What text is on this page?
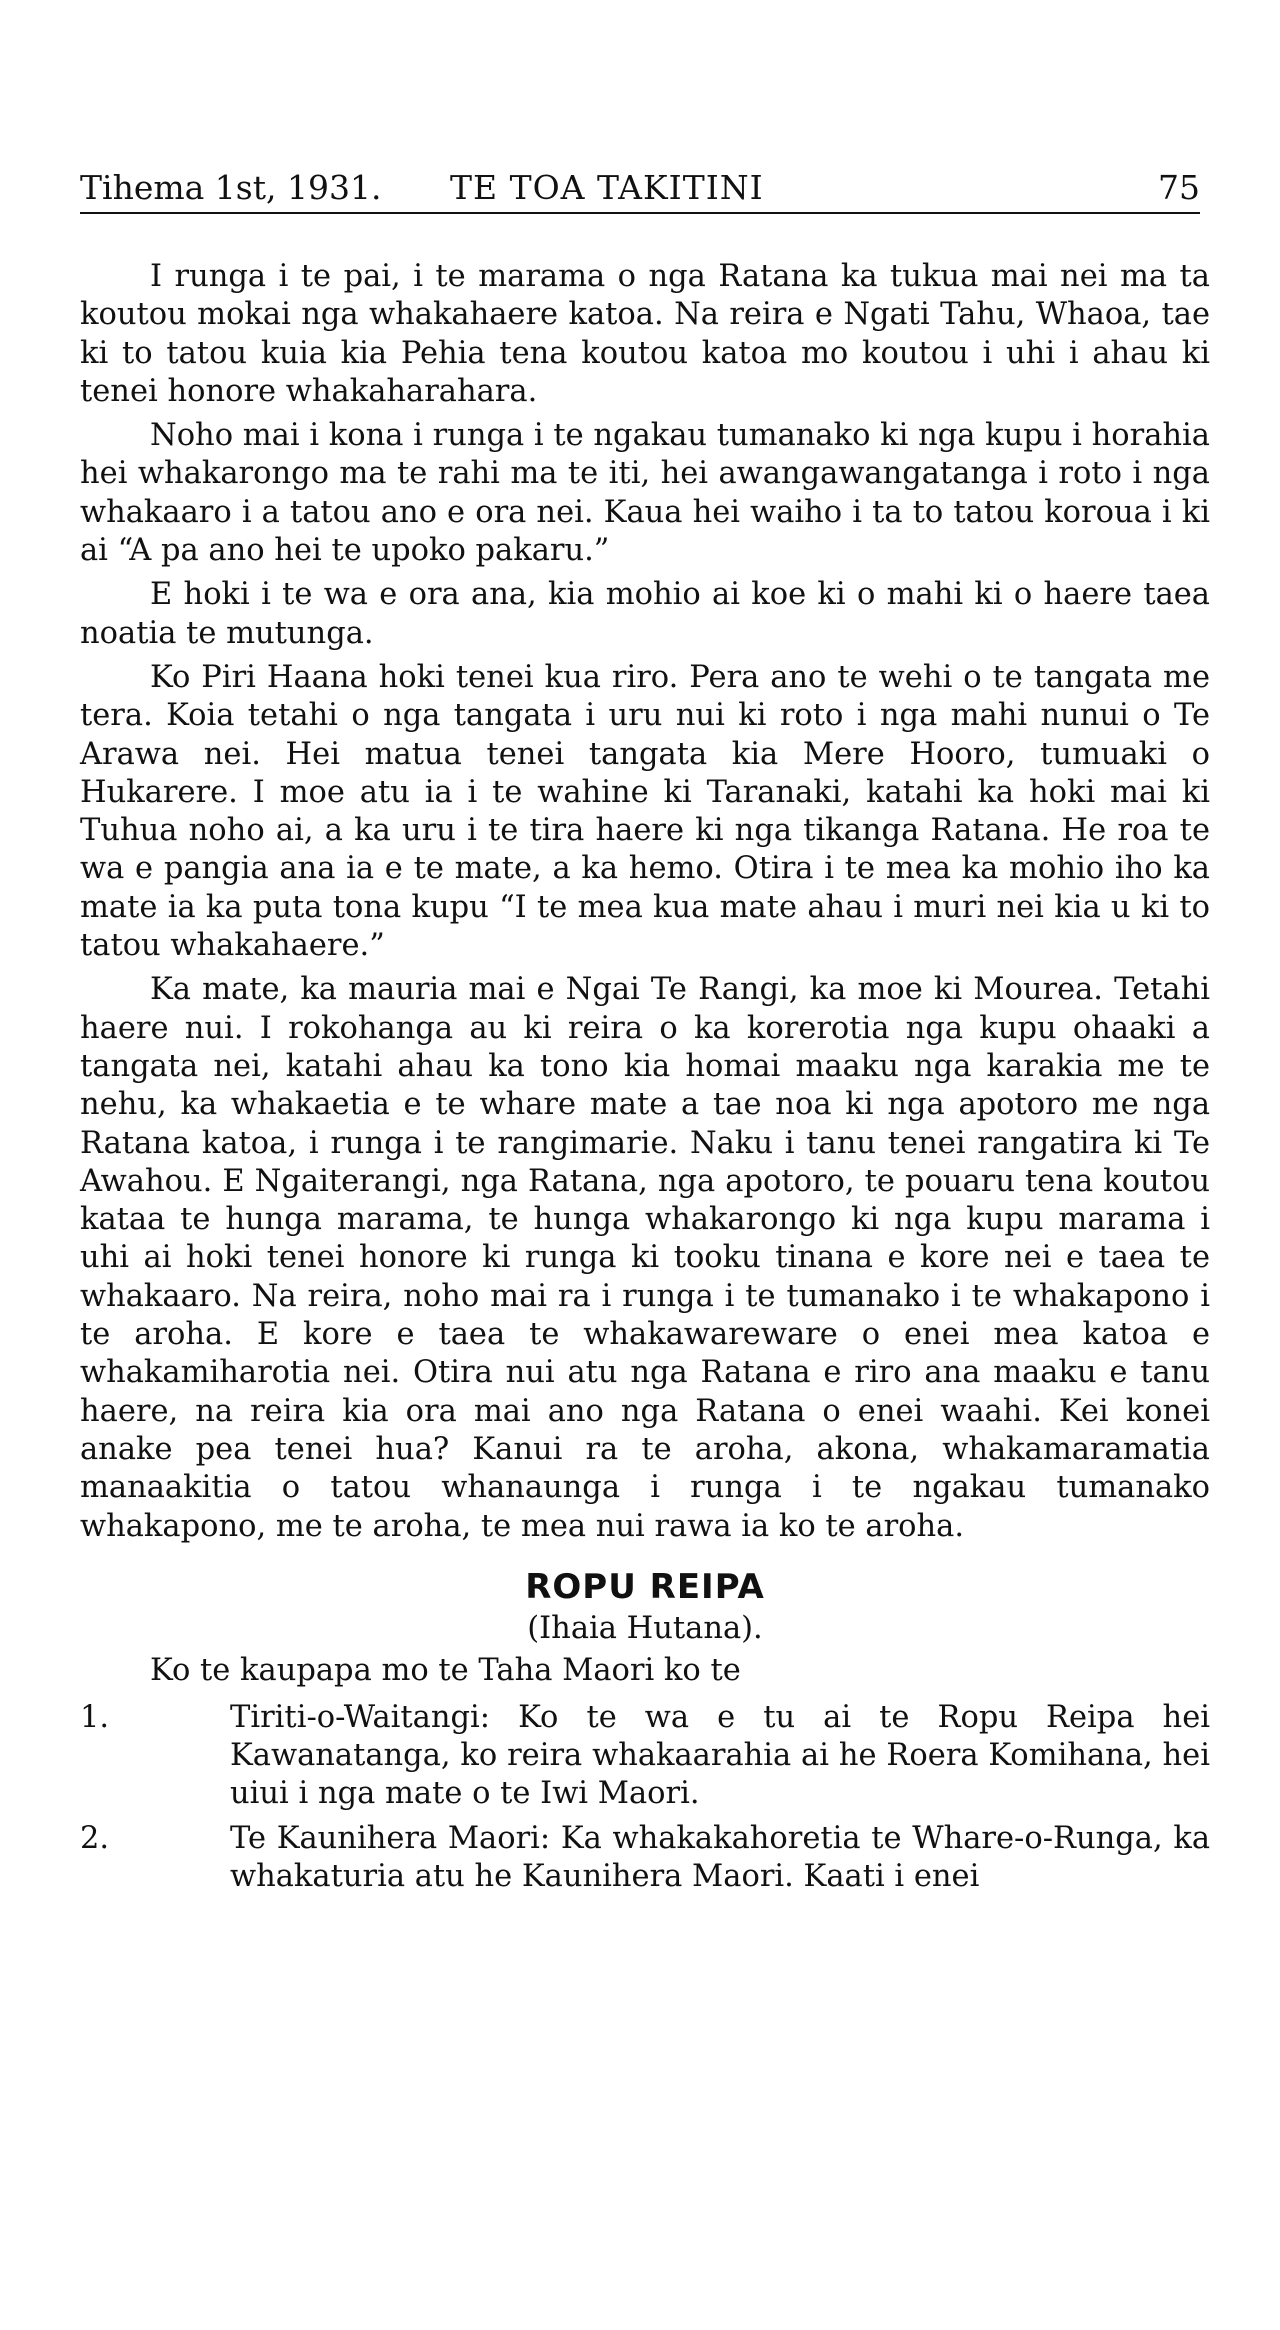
Tihema 1st, 1931. TE TOA TAKITINI	75

I runga i te pai, i te marama o nga Ratana ka tukua mai nei ma ta koutou mokai nga whakahaere katoa. Na reira e Ngati Tahu, Whaoa, tae ki to tatou kuia kia Pehia tena koutou katoa mo koutou i uhi i ahau ki tenei honore whakaharahara.

Noho mai i kona i runga i te ngakau tumanako ki nga kupu i horahia hei whakarongo ma te rahi ma te iti, hei awangawangatanga i roto i nga whakaaro i a tatou ano e ora nei. Kaua hei waiho i ta to tatou koroua i ki ai “A pa ano hei te upoko pakaru.”

E hoki i te wa e ora ana, kia mohio ai koe ki o mahi ki o haere taea noatia te mutunga.

Ko Piri Haana hoki tenei kua riro. Pera ano te wehi o te tangata me tera. Koia tetahi o nga tangata i uru nui ki roto i nga mahi nunui o Te Arawa nei. Hei matua tenei tangata kia Mere Hooro, tumuaki o Hukarere. I moe atu ia i te wahine ki Taranaki, katahi ka hoki mai ki Tuhua noho ai, a ka uru i te tira haere ki nga tikanga Ratana. He roa te wa e pangia ana ia e te mate, a ka hemo. Otira i te mea ka mohio iho ka mate ia ka puta tona kupu “I te mea kua mate ahau i muri nei kia u ki to tatou whakahaere.”

Ka mate, ka mauria mai e Ngai Te Rangi, ka moe ki Mourea. Tetahi haere nui. I rokohanga au ki reira o ka korerotia nga kupu ohaaki a tangata nei, katahi ahau ka tono kia homai maaku nga karakia me te nehu, ka whakaetia e te whare mate a tae noa ki nga apotoro me nga Ratana katoa, i runga i te rangimarie. Naku i tanu tenei rangatira ki Te Awahou. E Ngaiterangi, nga Ratana, nga apotoro, te pouaru tena koutou kataa te hunga marama, te hunga whakarongo ki nga kupu marama i uhi ai hoki tenei honore ki runga ki tooku tinana e kore nei e taea te whakaaro. Na reira, noho mai ra i runga i te tumanako i te whakapono i te aroha. E kore e taea te whakawareware o enei mea katoa e whakamiharotia nei. Otira nui atu nga Ratana e riro ana maaku e tanu haere, na reira kia ora mai ano nga Ratana o enei waahi. Kei konei anake pea tenei hua? Kanui ra te aroha, akona, whakamaramatia manaakitia o tatou whanaunga i runga i te ngakau tumanako whakapono, me te aroha, te mea nui rawa ia ko te aroha.

ROPU REIPA
(Ihaia Hutana).

Ko te kaupapa mo te Taha Maori ko te

1.	Tiriti-o-Waitangi: Ko te wa e tu ai te Ropu Reipa hei Kawanatanga, ko reira whakaarahia ai he Roera Komihana, hei uiui i nga mate o te Iwi Maori.
2.	Te Kaunihera Maori: Ka whakakahoretia te Whare-o-Runga, ka whakaturia atu he Kaunihera Maori. Kaati i enei
